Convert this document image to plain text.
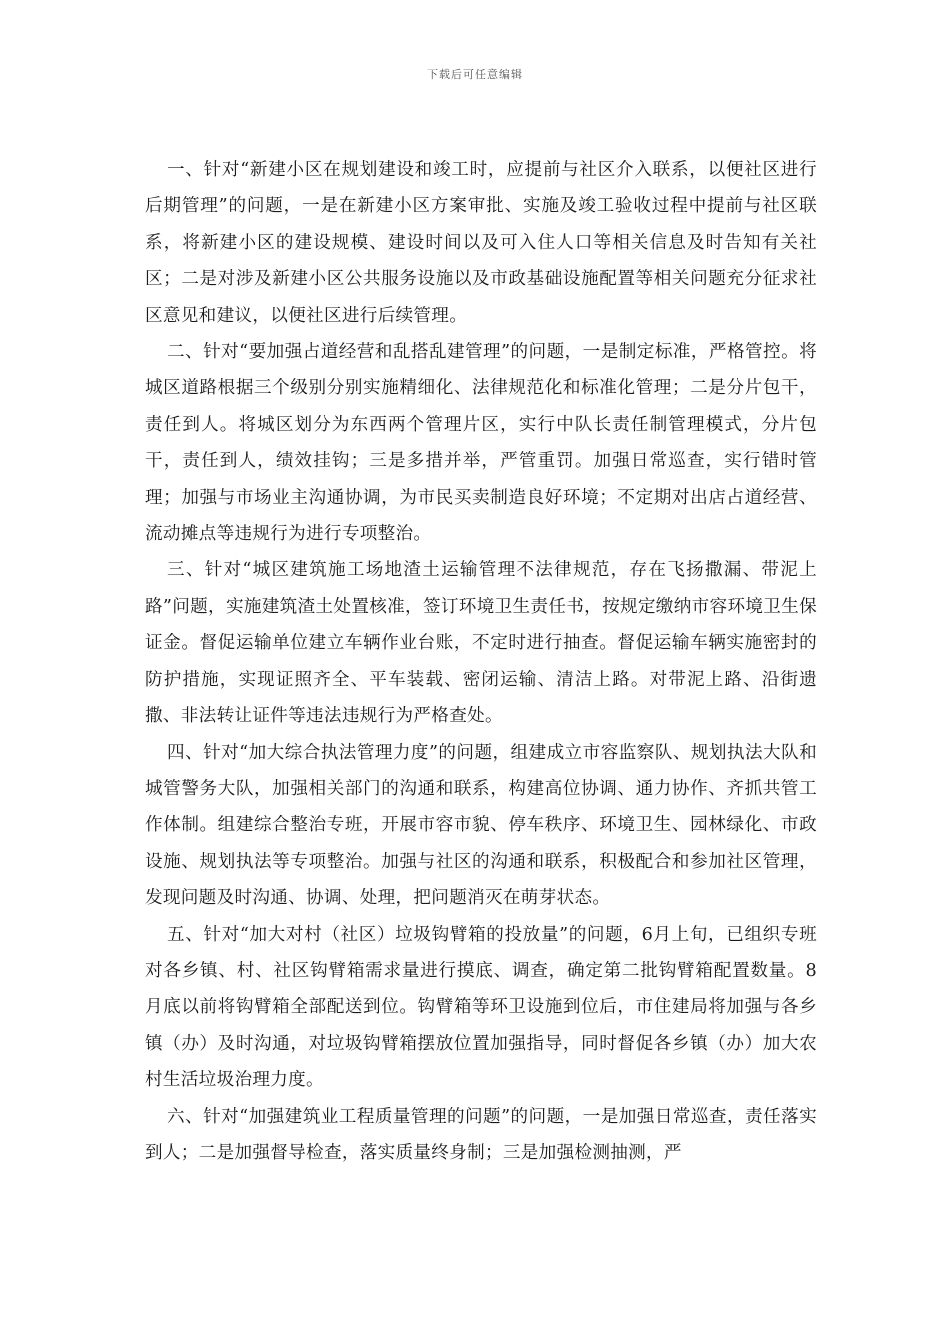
下载后可任意编辑

一、针对“新建小区在规划建设和竣工时，应提前与社区介入联系，以便社区进行后期管理”的问题，一是在新建小区方案审批、实施及竣工验收过程中提前与社区联系，将新建小区的建设规模、建设时间以及可入住人口等相关信息及时告知有关社区；二是对涉及新建小区公共服务设施以及市政基础设施配置等相关问题充分征求社区意见和建议，以便社区进行后续管理。

二、针对“要加强占道经营和乱搭乱建管理”的问题，一是制定标准，严格管控。将城区道路根据三个级别分别实施精细化、法律规范化和标准化管理；二是分片包干，责任到人。将城区划分为东西两个管理片区，实行中队长责任制管理模式，分片包干，责任到人，绩效挂钩；三是多措并举，严管重罚。加强日常巡查，实行错时管理；加强与市场业主沟通协调，为市民买卖制造良好环境；不定期对出店占道经营、流动摊点等违规行为进行专项整治。

三、针对“城区建筑施工场地渣土运输管理不法律规范，存在飞扬撒漏、带泥上路”问题，实施建筑渣土处置核准，签订环境卫生责任书，按规定缴纳市容环境卫生保证金。督促运输单位建立车辆作业台账，不定时进行抽查。督促运输车辆实施密封的防护措施，实现证照齐全、平车装载、密闭运输、清洁上路。对带泥上路、沿街遗撒、非法转让证件等违法违规行为严格查处。

四、针对“加大综合执法管理力度”的问题，组建成立市容监察队、规划执法大队和城管警务大队，加强相关部门的沟通和联系，构建高位协调、通力协作、齐抓共管工作体制。组建综合整治专班，开展市容市貌、停车秩序、环境卫生、园林绿化、市政设施、规划执法等专项整治。加强与社区的沟通和联系，积极配合和参加社区管理，发现问题及时沟通、协调、处理，把问题消灭在萌芽状态。

五、针对“加大对村（社区）垃圾钩臂箱的投放量”的问题，6月上旬，已组织专班对各乡镇、村、社区钩臂箱需求量进行摸底、调查，确定第二批钩臂箱配置数量。8月底以前将钩臂箱全部配送到位。钩臂箱等环卫设施到位后，市住建局将加强与各乡镇（办）及时沟通，对垃圾钩臂箱摆放位置加强指导，同时督促各乡镇（办）加大农村生活垃圾治理力度。

六、针对“加强建筑业工程质量管理的问题”的问题，一是加强日常巡查，责任落实到人；二是加强督导检查，落实质量终身制；三是加强检测抽测，严
